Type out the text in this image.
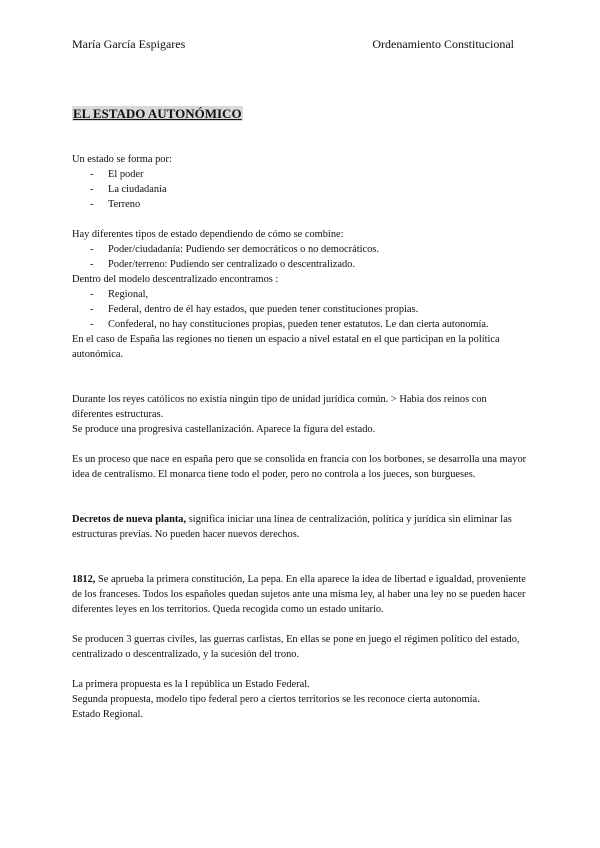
María García Espigares	Ordenamiento Constitucional
EL ESTADO AUTONÓMICO

Un estado se forma por:

- El poder
- La ciudadanía
- Terreno

Hay diferentes tipos de estado dependiendo de cómo se combine:

- Poder/ciudadanía: Pudiendo ser democráticos o no democráticos.
- Poder/terreno: Pudiendo ser centralizado o descentralizado.

Dentro del modelo descentralizado encontramos :

- Regional,
- Federal, dentro de él hay estados, que pueden tener constituciones propias.
- Confederal, no hay constituciones propias, pueden tener estatutos. Le dan cierta autonomía.

En el caso de España las regiones no tienen un espacio a nivel estatal en el que participan en la política autonómica.

Durante los reyes católicos no existía ningún tipo de unidad jurídica común. > Había dos reinos con diferentes estructuras.

Se produce una progresiva castellanización. Aparece la figura del estado.

Es un proceso que nace en españa pero que se consolida en francia con los borbones, se desarrolla una mayor idea de centralismo. El monarca tiene todo el poder, pero no controla a los jueces, son burgueses.

Decretos de nueva planta, significa iniciar una línea de centralización, política y jurídica sin eliminar las estructuras previas. No pueden hacer nuevos derechos.

1812, Se aprueba la primera constitución, La pepa. En ella aparece la idea de libertad e igualdad, proveniente de los franceses. Todos los españoles quedan sujetos ante una misma ley, al haber una ley no se pueden hacer diferentes leyes en los territorios. Queda recogida como un estado unitario.

Se producen 3 guerras civiles, las guerras carlistas, En ellas se pone en juego el régimen político del estado, centralizado o descentralizado, y la sucesión del trono.

La primera propuesta es la I república un Estado Federal.

Segunda propuesta, modelo tipo federal pero a ciertos territorios se les reconoce cierta autonomía.

Estado Regional.
